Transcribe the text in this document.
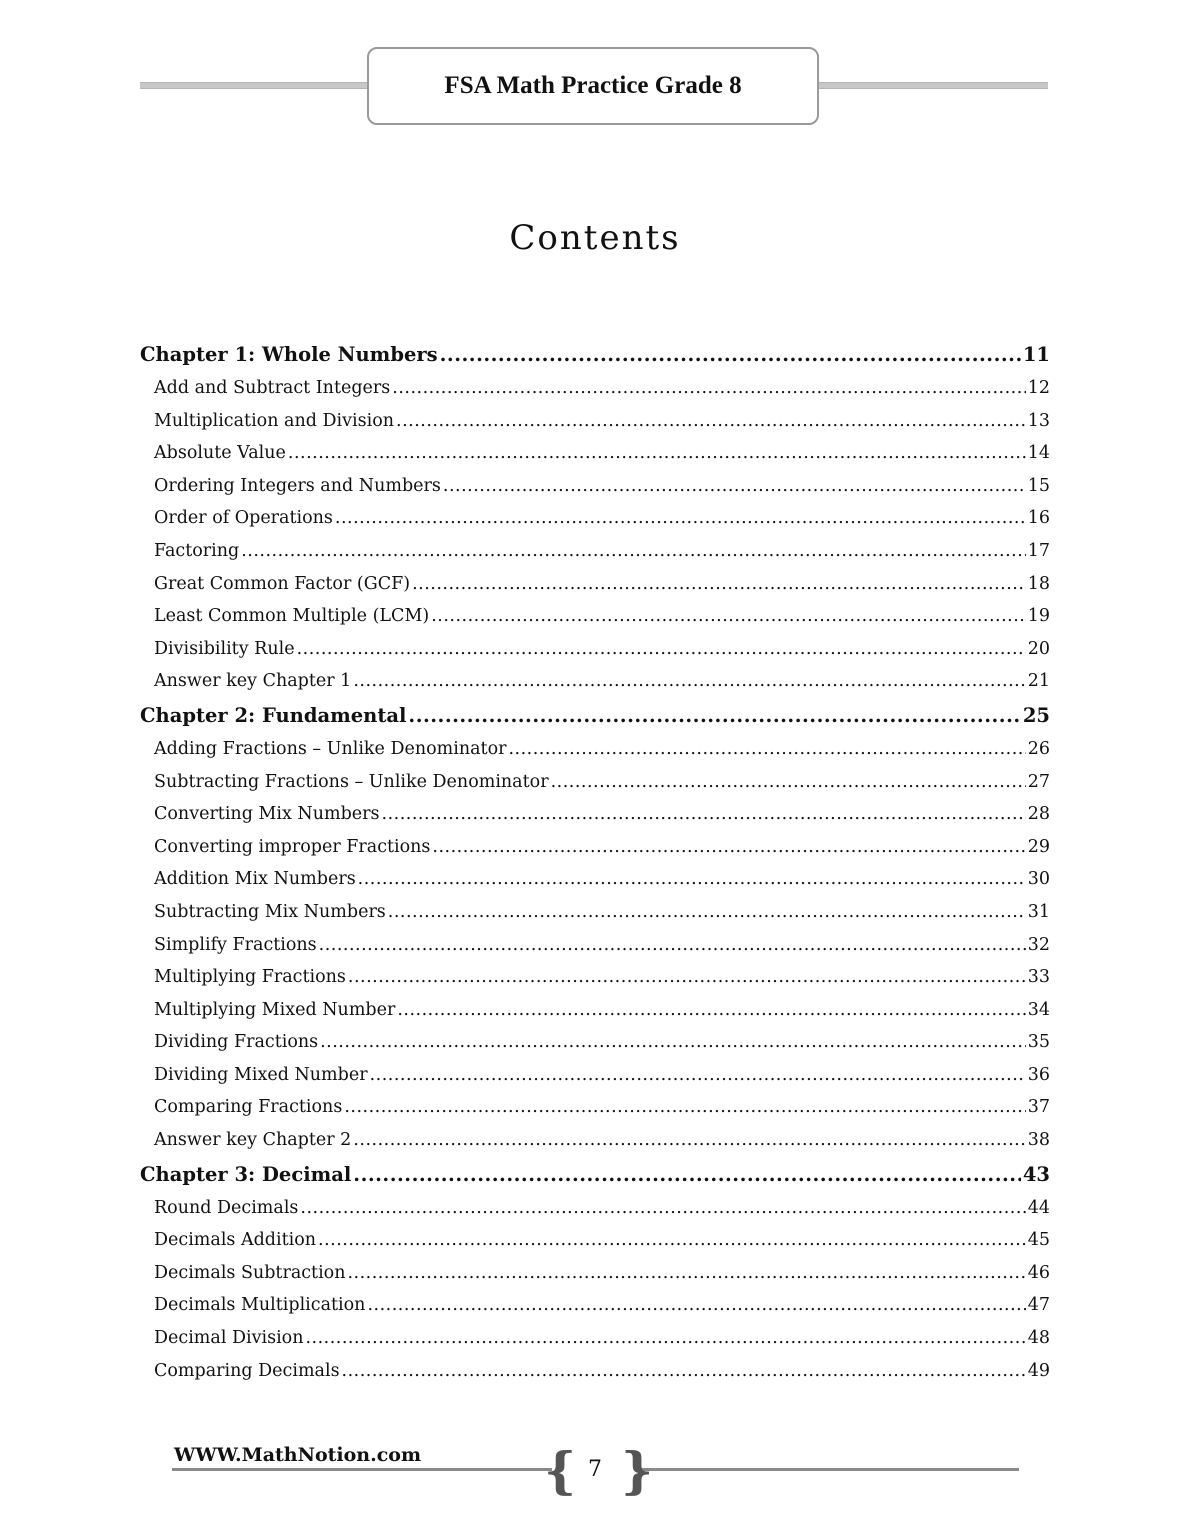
FSA Math Practice Grade 8
Contents
Chapter 1: Whole Numbers .....	11
Add and Subtract Integers .....	12
Multiplication and Division .....	13
Absolute Value .....	14
Ordering Integers and Numbers .....	15
Order of Operations .....	16
Factoring .....	17
Great Common Factor (GCF) .....	18
Least Common Multiple (LCM) .....	19
Divisibility Rule .....	20
Answer key Chapter 1 .....	21
Chapter 2: Fundamental .....	25
Adding Fractions – Unlike Denominator .....	26
Subtracting Fractions – Unlike Denominator .....	27
Converting Mix Numbers .....	28
Converting improper Fractions .....	29
Addition Mix Numbers .....	30
Subtracting Mix Numbers .....	31
Simplify Fractions .....	32
Multiplying Fractions .....	33
Multiplying Mixed Number .....	34
Dividing Fractions .....	35
Dividing Mixed Number .....	36
Comparing Fractions .....	37
Answer key Chapter 2 .....	38
Chapter 3: Decimal .....	43
Round Decimals .....	44
Decimals Addition .....	45
Decimals Subtraction .....	46
Decimals Multiplication .....	47
Decimal Division .....	48
Comparing Decimals .....	49
WWW.MathNotion.com { }
7
